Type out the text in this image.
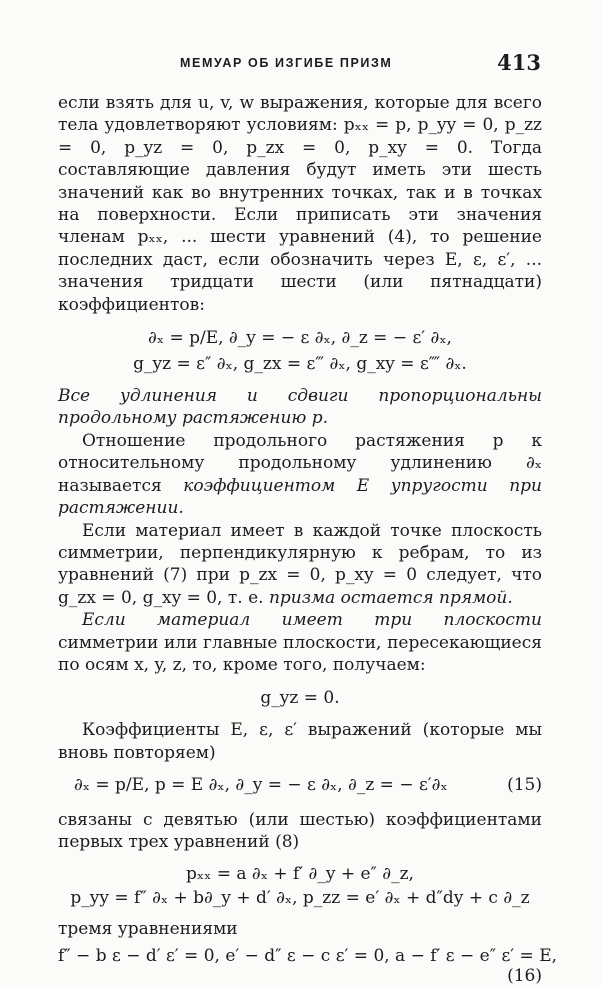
МЕМУАР ОБ ИЗГИБЕ ПРИЗМ	413

если взять для u, v, w выражения, которые для всего тела удовлетворяют условиям: pₓₓ = p, p_yy = 0, p_zz = 0, p_yz = 0, p_zx = 0, p_xy = 0. Тогда составляющие давления будут иметь эти шесть значений как во внутренних точках, так и в точках на поверхности. Если приписать эти значения членам pₓₓ, ... шести уравнений (4), то решение последних даст, если обозначить через E, ε, ε′, ... значения тридцати шести (или пятнадцати) коэффициентов:

∂ₓ = p/E, ∂_y = − ε ∂ₓ, ∂_z = − ε′ ∂ₓ,
g_yz = ε″ ∂ₓ, g_zx = ε‴ ∂ₓ, g_xy = ε⁗ ∂ₓ.

Все удлинения и сдвиги пропорциональны продольному растяжению p.

Отношение продольного растяжения p к относительному продольному удлинению ∂ₓ называется коэффициентом E упругости при растяжении.

Если материал имеет в каждой точке плоскость симметрии, перпендикулярную к ребрам, то из уравнений (7) при p_zx = 0, p_xy = 0 следует, что g_zx = 0, g_xy = 0, т. е. призма остается прямой.

Если материал имеет три плоскости симметрии или главные плоскости, пересекающиеся по осям x, y, z, то, кроме того, получаем:

g_yz = 0.

Коэффициенты E, ε, ε′ выражений (которые мы вновь повторяем)

∂ₓ = p/E, p = E ∂ₓ, ∂_y = − ε ∂ₓ, ∂_z = − ε′∂ₓ	(15)

связаны с девятью (или шестью) коэффициентами первых трех уравнений (8)

pₓₓ = a ∂ₓ + f′ ∂_y + e″ ∂_z,
p_yy = f″ ∂ₓ + b∂_y + d′ ∂ₓ, p_zz = e′ ∂ₓ + d″dy + c ∂_z

тремя уравнениями

f″ − b ε − d′ ε′ = 0, e′ − d″ ε − c ε′ = 0, a − f′ ε − e″ ε′ = E,
(16)
